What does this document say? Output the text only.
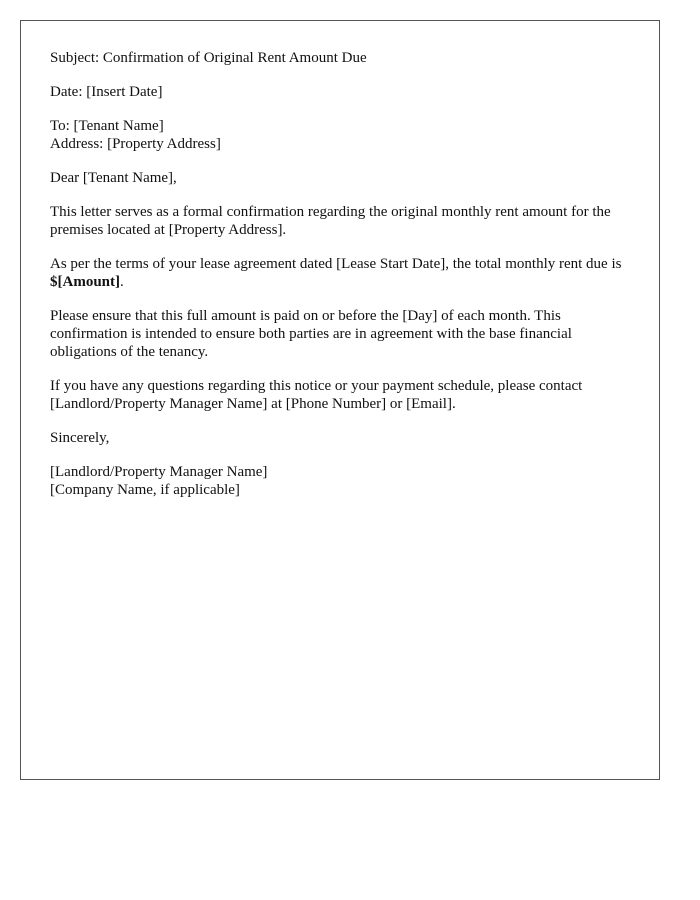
Subject: Confirmation of Original Rent Amount Due

Date: [Insert Date]

To: [Tenant Name]
Address: [Property Address]

Dear [Tenant Name],

This letter serves as a formal confirmation regarding the original monthly rent amount for the premises located at [Property Address].

As per the terms of your lease agreement dated [Lease Start Date], the total monthly rent due is $[Amount].

Please ensure that this full amount is paid on or before the [Day] of each month. This confirmation is intended to ensure both parties are in agreement with the base financial obligations of the tenancy.

If you have any questions regarding this notice or your payment schedule, please contact [Landlord/Property Manager Name] at [Phone Number] or [Email].

Sincerely,

[Landlord/Property Manager Name]
[Company Name, if applicable]
